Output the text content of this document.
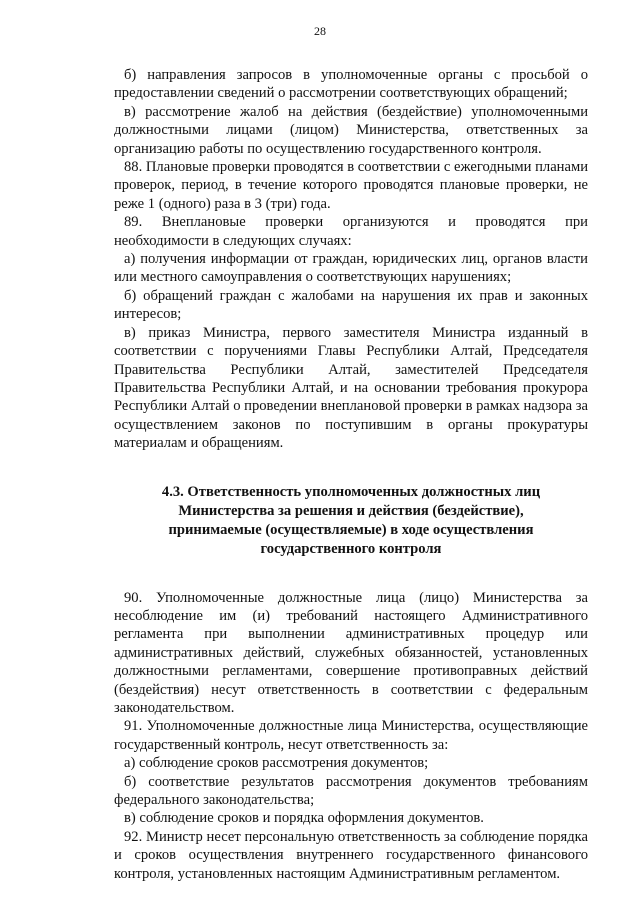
28

б) направления запросов в уполномоченные органы с просьбой о предоставлении сведений о рассмотрении соответствующих обращений;

в) рассмотрение жалоб на действия (бездействие) уполномоченными должностными лицами (лицом) Министерства, ответственных за организацию работы по осуществлению государственного контроля.

88. Плановые проверки проводятся в соответствии с ежегодными планами проверок, период, в течение которого проводятся плановые проверки, не реже 1 (одного) раза в 3 (три) года.

89. Внеплановые проверки организуются и проводятся при необходимости в следующих случаях:

а) получения информации от граждан, юридических лиц, органов власти или местного самоуправления о соответствующих нарушениях;

б) обращений граждан с жалобами на нарушения их прав и законных интересов;

в) приказ Министра, первого заместителя Министра изданный в соответствии с поручениями Главы Республики Алтай, Председателя Правительства Республики Алтай, заместителей Председателя Правительства Республики Алтай, и на основании требования прокурора Республики Алтай о проведении внеплановой проверки в рамках надзора за осуществлением законов по поступившим в органы прокуратуры материалам и обращениям.

4.3. Ответственность уполномоченных должностных лиц
Министерства за решения и действия (бездействие),
принимаемые (осуществляемые) в ходе осуществления
государственного контроля

90. Уполномоченные должностные лица (лицо) Министерства за несоблюдение им (и) требований настоящего Административного регламента при выполнении административных процедур или административных действий, служебных обязанностей, установленных должностными регламентами, совершение противоправных действий (бездействия) несут ответственность в соответствии с федеральным законодательством.

91. Уполномоченные должностные лица Министерства, осуществляющие государственный контроль, несут ответственность за:

а) соблюдение сроков рассмотрения документов;

б) соответствие результатов рассмотрения документов требованиям федерального законодательства;

в) соблюдение сроков и порядка оформления документов.

92. Министр несет персональную ответственность за соблюдение порядка и сроков осуществления внутреннего государственного финансового контроля, установленных настоящим Административным регламентом.
